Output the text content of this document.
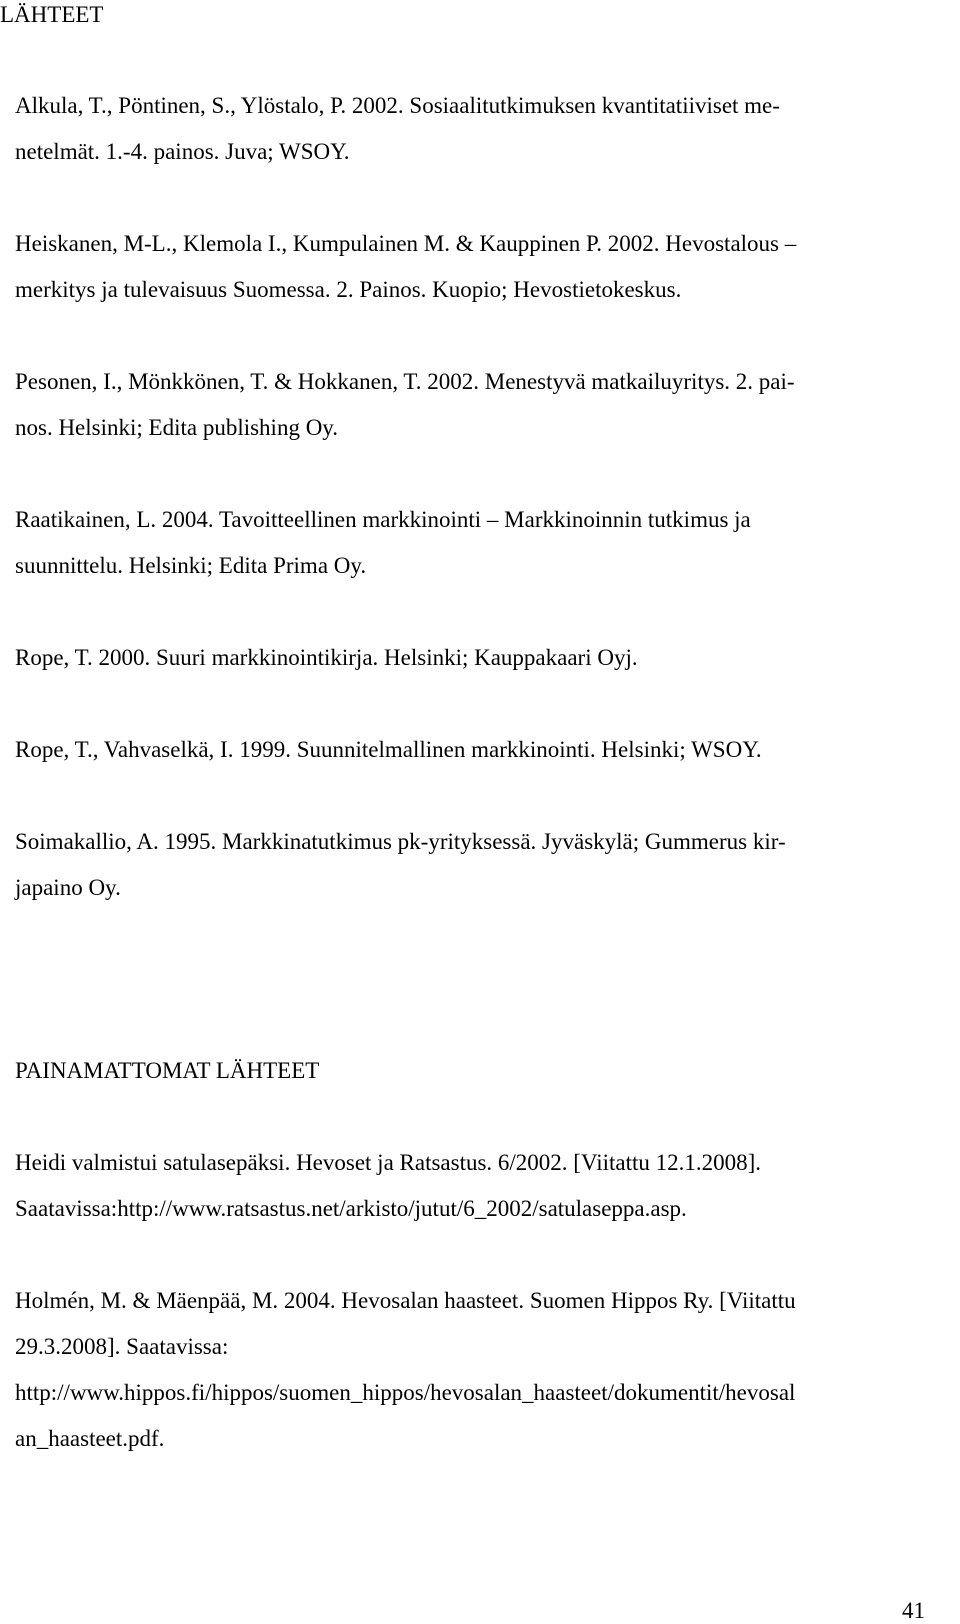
LÄHTEET
Alkula, T., Pöntinen, S., Ylöstalo, P. 2002. Sosiaalitutkimuksen kvantitatiiviset me-
netelmät. 1.-4. painos. Juva; WSOY.
Heiskanen, M-L., Klemola I., Kumpulainen M. & Kauppinen P. 2002. Hevostalous –
merkitys ja tulevaisuus Suomessa. 2. Painos. Kuopio; Hevostietokeskus.
Pesonen, I., Mönkkönen, T. & Hokkanen, T. 2002. Menestyvä matkailuyritys. 2. pai-
nos. Helsinki; Edita publishing Oy.
Raatikainen, L. 2004. Tavoitteellinen markkinointi – Markkinoinnin tutkimus ja
suunnittelu. Helsinki; Edita Prima Oy.
Rope, T. 2000. Suuri markkinointikirja. Helsinki; Kauppakaari Oyj.
Rope, T., Vahvaselkä, I. 1999. Suunnitelmallinen markkinointi. Helsinki; WSOY.
Soimakallio, A. 1995. Markkinatutkimus pk-yrityksessä. Jyväskylä; Gummerus kir-
japaino Oy.
PAINAMATTOMAT LÄHTEET
Heidi valmistui satulasepäksi. Hevoset ja Ratsastus. 6/2002. [Viitattu 12.1.2008].
Saatavissa:http://www.ratsastus.net/arkisto/jutut/6_2002/satulaseppa.asp.
Holmén, M. & Mäenpää, M. 2004. Hevosalan haasteet. Suomen Hippos Ry. [Viitattu
29.3.2008]. Saatavissa:
http://www.hippos.fi/hippos/suomen_hippos/hevosalan_haasteet/dokumentit/hevosal
an_haasteet.pdf.
41
